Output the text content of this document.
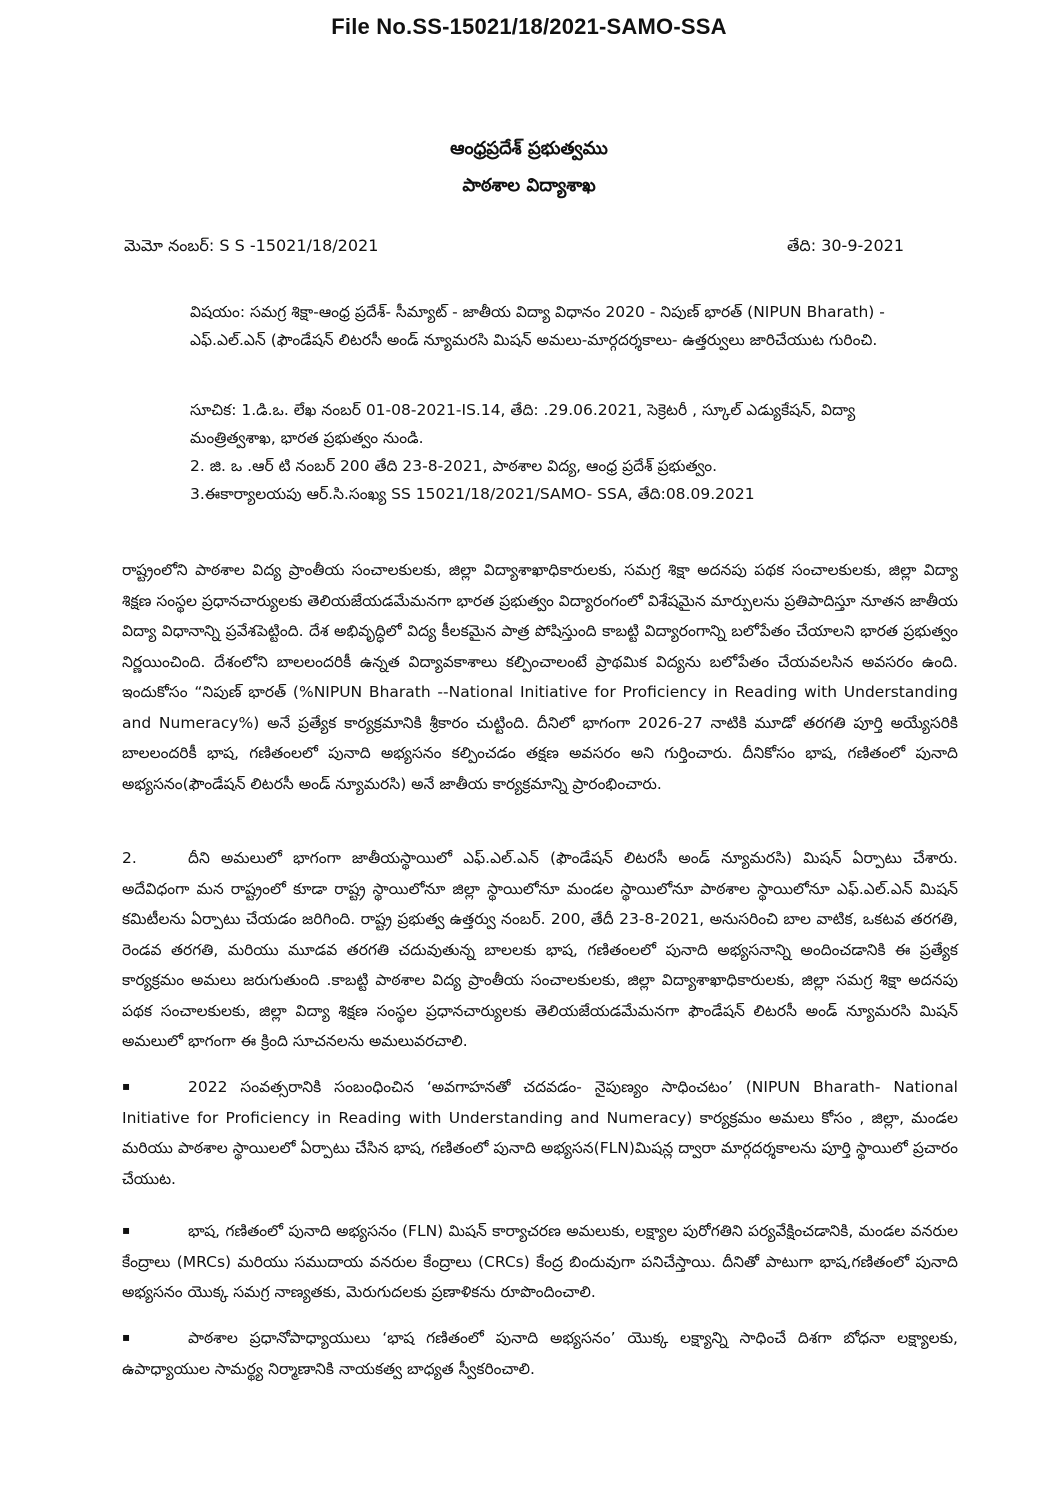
File No.SS-15021/18/2021-SAMO-SSA
ఆంధ్రప్రదేశ్ ప్రభుత్వము
పాఠశాల విద్యాశాఖ
మెమో నంబర్: S S -15021/18/2021	తేది: 30-9-2021
విషయం: సమగ్ర శిక్షా-ఆంధ్ర ప్రదేశ్- సీమ్యాట్ - జాతీయ విద్యా విధానం 2020 - నిపుణ్ భారత్ (NIPUN Bharath) - ఎఫ్.ఎల్.ఎన్ (ఫౌండేషన్ లిటరసీ అండ్ న్యూమరసి మిషన్ అమలు-మార్గదర్శకాలు- ఉత్తర్వులు జారిచేయుట గురించి.
సూచిక: 1.డి.ఒ. లేఖ నంబర్ 01-08-2021-IS.14, తేది: .29.06.2021, సెక్రెటరీ , స్కూల్ ఎడ్యుకేషన్, విద్యా మంత్రిత్వశాఖ, భారత ప్రభుత్వం నుండి.
2. జి. ఒ .ఆర్ టి నంబర్ 200 తేది 23-8-2021, పాఠశాల విద్య, ఆంధ్ర ప్రదేశ్ ప్రభుత్వం.
3.ఈకార్యాలయపు ఆర్.సి.సంఖ్య SS 15021/18/2021/SAMO- SSA, తేది:08.09.2021
రాష్ట్రంలోని పాఠశాల విద్య ప్రాంతీయ సంచాలకులకు, జిల్లా విద్యాశాఖాధికారులకు, సమగ్ర శిక్షా అదనపు పథక సంచాలకులకు, జిల్లా విద్యా శిక్షణ సంస్థల ప్రధానచార్యులకు తెలియజేయడమేమనగా భారత ప్రభుత్వం విద్యారంగంలో విశేషమైన మార్పులను ప్రతిపాదిస్తూ నూతన జాతీయ విద్యా విధానాన్ని ప్రవేశపెట్టింది. దేశ అభివృద్ధిలో విద్య కీలకమైన పాత్ర పోషిస్తుంది కాబట్టి విద్యారంగాన్ని బలోపేతం చేయాలని భారత ప్రభుత్వం నిర్ణయించింది. దేశంలోని బాలలందరికీ ఉన్నత విద్యావకాశాలు కల్పించాలంటే ప్రాథమిక విద్యను బలోపేతం చేయవలసిన అవసరం ఉంది. ఇందుకోసం “నిపుణ్ భారత్ (%NIPUN Bharath --National Initiative for Proficiency in Reading with Understanding and Numeracy%) అనే ప్రత్యేక కార్యక్రమానికి శ్రీకారం చుట్టింది. దీనిలో భాగంగా 2026-27 నాటికి మూడో తరగతి పూర్తి అయ్యేసరికి బాలలందరికీ భాష, గణితంలలో పునాది అభ్యసనం కల్పించడం తక్షణ అవసరం అని గుర్తించారు. దీనికోసం భాష, గణితంలో పునాది అభ్యసనం(ఫౌండేషన్ లిటరసీ అండ్ న్యూమరసి) అనే జాతీయ కార్యక్రమాన్ని ప్రారంభించారు.
2.	దీని అమలులో భాగంగా జాతీయస్థాయిలో ఎఫ్.ఎల్.ఎన్ (ఫౌండేషన్ లిటరసీ అండ్ న్యూమరసి) మిషన్ ఏర్పాటు చేశారు. అదేవిధంగా మన రాష్ట్రంలో కూడా రాష్ట్ర స్థాయిలోనూ జిల్లా స్థాయిలోనూ మండల స్థాయిలోనూ పాఠశాల స్థాయిలోనూ ఎఫ్.ఎల్.ఎన్ మిషన్ కమిటీలను ఏర్పాటు చేయడం జరిగింది. రాష్ట్ర ప్రభుత్వ ఉత్తర్వు నంబర్. 200, తేదీ 23-8-2021, అనుసరించి బాల వాటిక, ఒకటవ తరగతి, రెండవ తరగతి, మరియు మూడవ తరగతి చదువుతున్న బాలలకు భాష, గణితంలలో పునాది అభ్యసనాన్ని అందించడానికి ఈ ప్రత్యేక కార్యక్రమం అమలు జరుగుతుంది .కాబట్టి పాఠశాల విద్య ప్రాంతీయ సంచాలకులకు, జిల్లా విద్యాశాఖాధికారులకు, జిల్లా సమగ్ర శిక్షా అదనపు పథక సంచాలకులకు, జిల్లా విద్యా శిక్షణ సంస్థల ప్రధానచార్యులకు తెలియజేయడమేమనగా ఫౌండేషన్ లిటరసీ అండ్ న్యూమరసి మిషన్ అమలులో భాగంగా ఈ క్రింది సూచనలను అమలువరచాలి.
▪	2022 సంవత్సరానికి సంబంధించిన ‘అవగాహనతో చదవడం- నైపుణ్యం సాధించటం’ (NIPUN Bharath- National Initiative for Proficiency in Reading with Understanding and Numeracy) కార్యక్రమం అమలు కోసం , జిల్లా, మండల మరియు పాఠశాల స్థాయిలలో ఏర్పాటు చేసిన భాష, గణితంలో పునాది అభ్యసన(FLN)మిషన్ల ద్వారా మార్గదర్శకాలను పూర్తి స్థాయిలో ప్రచారం చేయుట.
▪	భాష, గణితంలో పునాది అభ్యసనం (FLN) మిషన్ కార్యాచరణ అమలుకు, లక్ష్యాల పురోగతిని పర్యవేక్షించడానికి, మండల వనరుల కేంద్రాలు (MRCs) మరియు సముదాయ వనరుల కేంద్రాలు (CRCs) కేంద్ర బిందువుగా పనిచేస్తాయి. దీనితో పాటుగా భాష,గణితంలో పునాది అభ్యసనం యొక్క సమగ్ర నాణ్యతకు, మెరుగుదలకు ప్రణాళికను రూపొందించాలి.
▪	పాఠశాల ప్రధానోపాధ్యాయులు ‘భాష గణితంలో పునాది అభ్యసనం’ యొక్క లక్ష్యాన్ని సాధించే దిశగా బోధనా లక్ష్యాలకు, ఉపాధ్యాయుల సామర్థ్య నిర్మాణానికి నాయకత్వ బాధ్యత స్వీకరించాలి.
